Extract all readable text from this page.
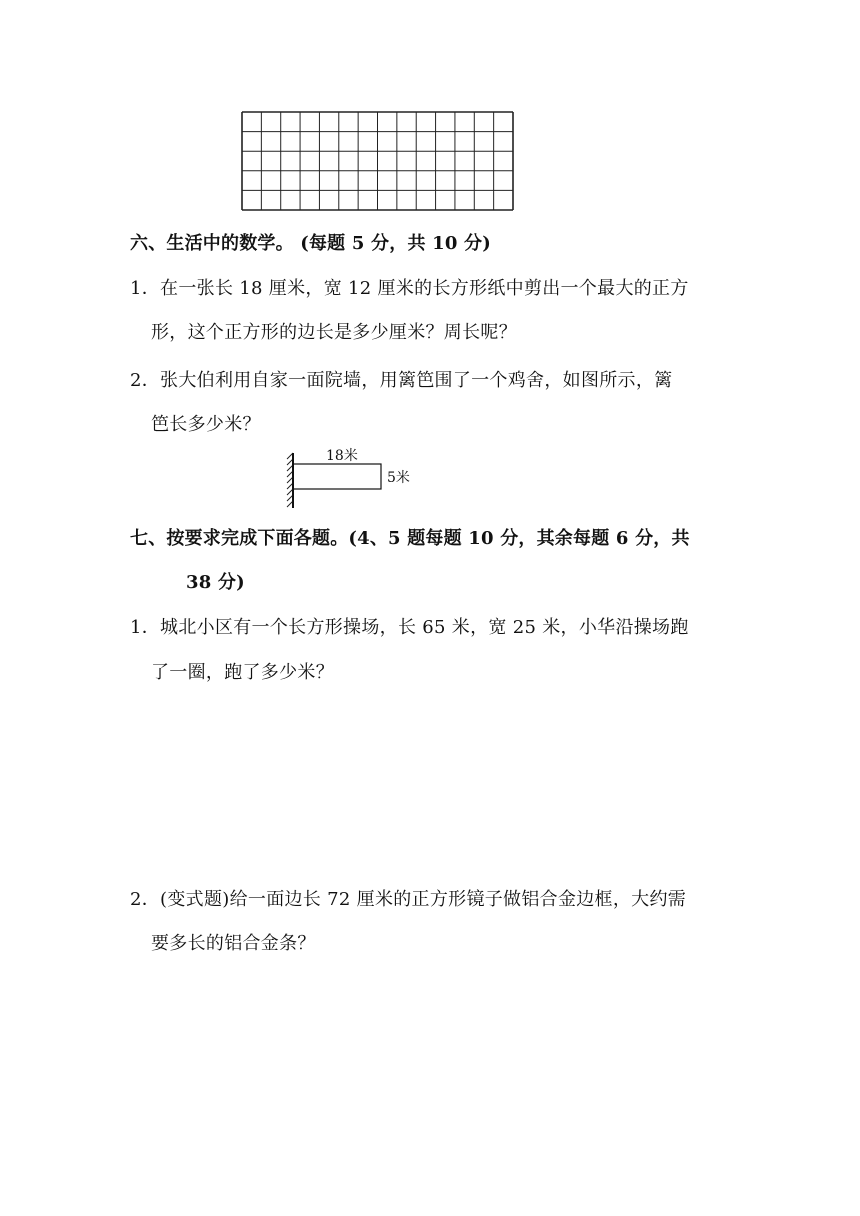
六、生活中的数学。 (每题 5 分，共 10 分)
1．在一张长 18 厘米，宽 12 厘米的长方形纸中剪出一个最大的正方
形，这个正方形的边长是多少厘米？周长呢？
2．张大伯利用自家一面院墙，用篱笆围了一个鸡舍，如图所示，篱
笆长多少米？
18米
5米
七、按要求完成下面各题。(4、5 题每题 10 分，其余每题 6 分，共
38 分)
1．城北小区有一个长方形操场，长 65 米，宽 25 米，小华沿操场跑
了一圈，跑了多少米？
2．(变式题)给一面边长 72 厘米的正方形镜子做铝合金边框，大约需
要多长的铝合金条？
